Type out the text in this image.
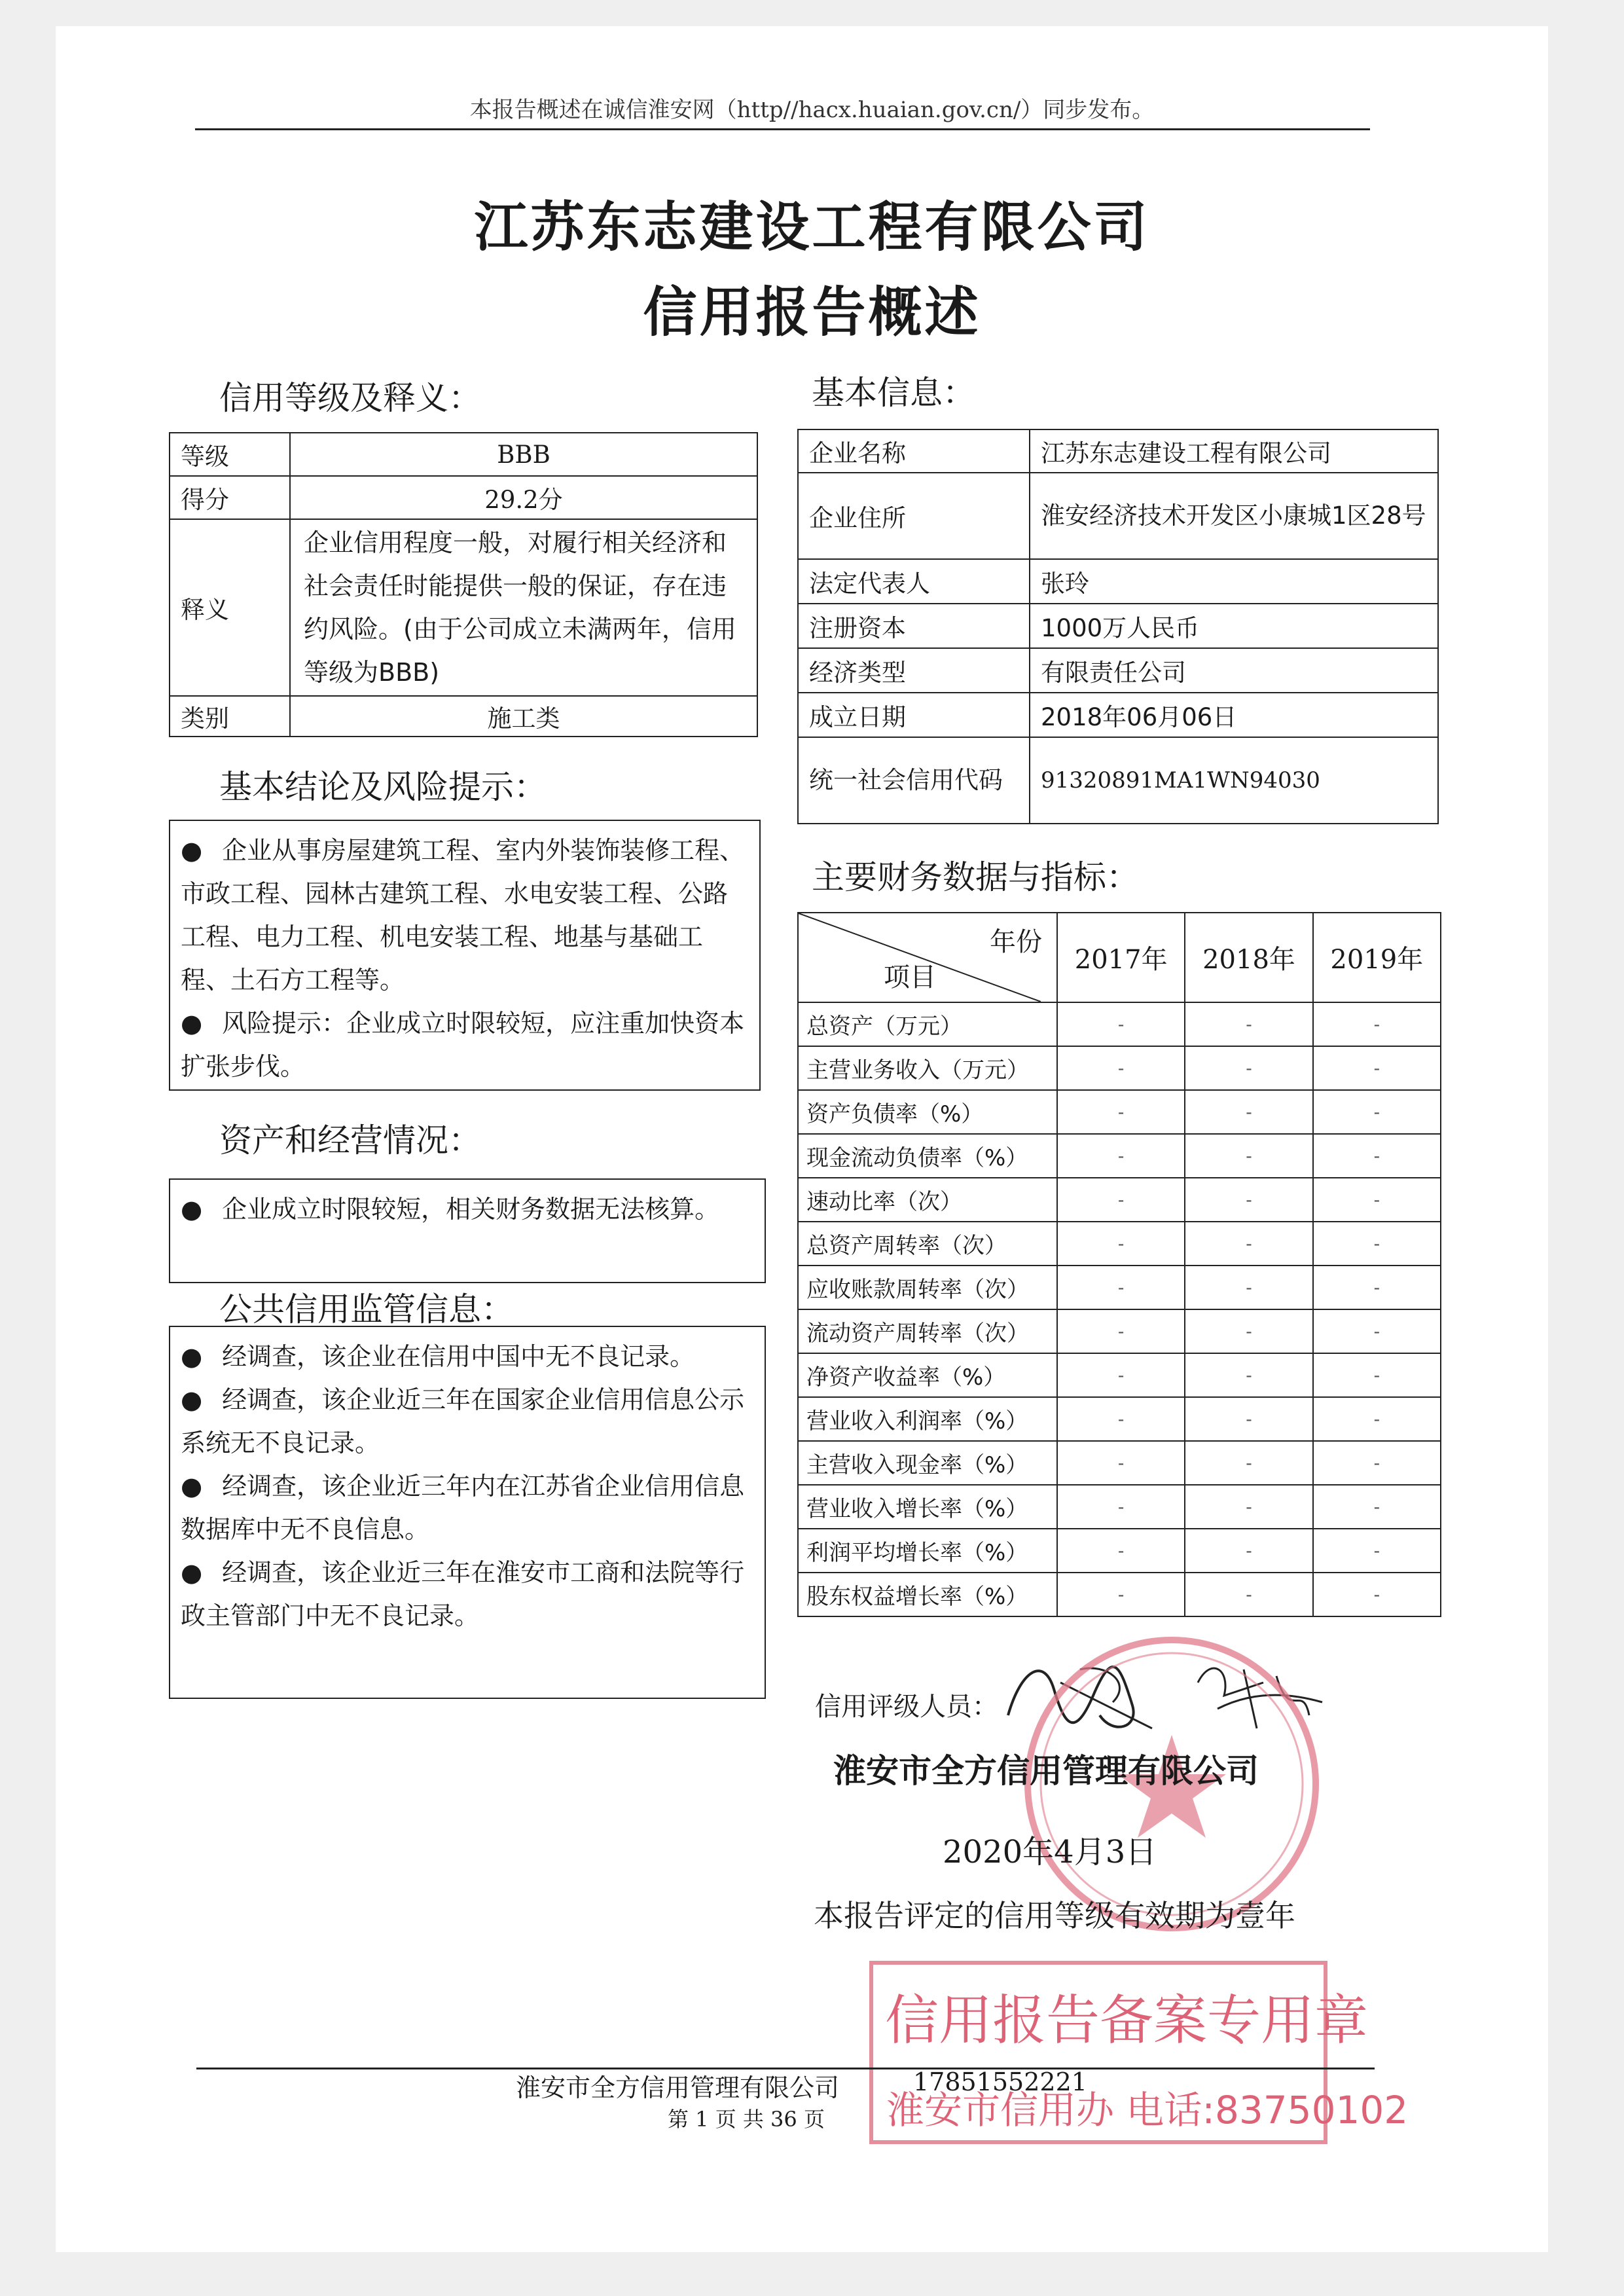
本报告概述在诚信淮安网（http//hacx.huaian.gov.cn/）同步发布。
江苏东志建设工程有限公司
信用报告概述
信用等级及释义：
等级	BBB
得分	29.2分
释义	企业信用程度一般，对履行相关经济和社会责任时能提供一般的保证，存在违约风险。(由于公司成立未满两年，信用等级为BBB)
类别	施工类
基本结论及风险提示：

● 企业从事房屋建筑工程、室内外装饰装修工程、市政工程、园林古建筑工程、水电安装工程、公路工程、电力工程、机电安装工程、地基与基础工程、土石方工程等。

● 风险提示：企业成立时限较短，应注重加快资本扩张步伐。

资产和经营情况：

● 企业成立时限较短，相关财务数据无法核算。

公共信用监管信息：

● 经调查，该企业在信用中国中无不良记录。

● 经调查，该企业近三年在国家企业信用信息公示系统无不良记录。

● 经调查，该企业近三年内在江苏省企业信用信息数据库中无不良信息。

● 经调查，该企业近三年在淮安市工商和法院等行政主管部门中无不良记录。

基本信息：
企业名称	江苏东志建设工程有限公司
企业住所	淮安经济技术开发区小康城1区28号
法定代表人	张玲
注册资本	1000万人民币
经济类型	有限责任公司
成立日期	2018年06月06日
统一社会信用代码	91320891MA1WN94030
主要财务数据与指标：
年份
项目	2017年	2018年	2019年
总资产（万元）	-	-	-
主营业务收入（万元）	-	-	-
资产负债率（%）	-	-	-
现金流动负债率（%）	-	-	-
速动比率（次）	-	-	-
总资产周转率（次）	-	-	-
应收账款周转率（次）	-	-	-
流动资产周转率（次）	-	-	-
净资产收益率（%）	-	-	-
营业收入利润率（%）	-	-	-
主营收入现金率（%）	-	-	-
营业收入增长率（%）	-	-	-
利润平均增长率（%）	-	-	-
股东权益增长率（%）	-	-	-
信用评级人员：
淮安市全方信用管理有限公司
2020年4月3日
本报告评定的信用等级有效期为壹年
信用报告备案专用章
淮安市信用办 电话:83750102
淮安市全方信用管理有限公司	17851552221
第 1 页 共 36 页
